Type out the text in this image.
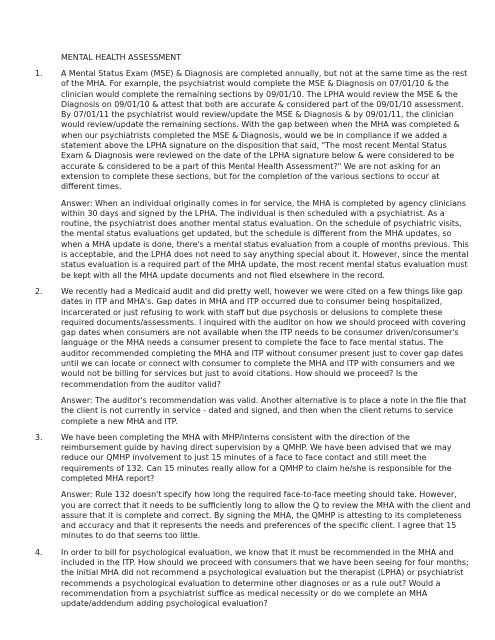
MENTAL HEALTH ASSESSMENT
1. A Mental Status Exam (MSE) & Diagnosis are completed annually, but not at the same time as the rest of the MHA. For example, the psychiatrist would complete the MSE & Diagnosis on 07/01/10 & the clinician would complete the remaining sections by 09/01/10. The LPHA would review the MSE & the Diagnosis on 09/01/10 & attest that both are accurate & considered part of the 09/01/10 assessment. By 07/01/11 the psychiatrist would review/update the MSE & Diagnosis & by 09/01/11, the clinician would review/update the remaining sections. With the gap between when the MHA was completed & when our psychiatrists completed the MSE & Diagnosis, would we be in compliance if we added a statement above the LPHA signature on the disposition that said, "The most recent Mental Status Exam & Diagnosis were reviewed on the date of the LPHA signature below & were considered to be accurate & considered to be a part of this Mental Health Assessment?" We are not asking for an extension to complete these sections, but for the completion of the various sections to occur at different times.

Answer: When an individual originally comes in for service, the MHA is completed by agency clinicians within 30 days and signed by the LPHA. The individual is then scheduled with a psychiatrist. As a routine, the psychiatrist does another mental status evaluation. On the schedule of psychiatric visits, the mental status evaluations get updated, but the schedule is different from the MHA updates, so when a MHA update is done, there's a mental status evaluation from a couple of months previous. This is acceptable, and the LPHA does not need to say anything special about it. However, since the mental status evaluation is a required part of the MHA update, the most recent mental status evaluation must be kept with all the MHA update documents and not filed elsewhere in the record.

2. We recently had a Medicaid audit and did pretty well, however we were cited on a few things like gap dates in ITP and MHA's. Gap dates in MHA and ITP occurred due to consumer being hospitalized, incarcerated or just refusing to work with staff but due psychosis or delusions to complete these required documents/assessments. I inquired with the auditor on how we should proceed with covering gap dates when consumers are not available when the ITP needs to be consumer driven/consumer's language or the MHA needs a consumer present to complete the face to face mental status. The auditor recommended completing the MHA and ITP without consumer present just to cover gap dates until we can locate or connect with consumer to complete the MHA and ITP with consumers and we would not be billing for services but just to avoid citations. How should we proceed? Is the recommendation from the auditor valid?

Answer: The auditor's recommendation was valid. Another alternative is to place a note in the file that the client is not currently in service - dated and signed, and then when the client returns to service complete a new MHA and ITP.

3. We have been completing the MHA with MHP/interns consistent with the direction of the reimbursement guide by having direct supervision by a QMHP. We have been advised that we may reduce our QMHP involvement to just 15 minutes of a face to face contact and still meet the requirements of 132. Can 15 minutes really allow for a QMHP to claim he/she is responsible for the completed MHA report?

Answer: Rule 132 doesn't specify how long the required face-to-face meeting should take. However, you are correct that it needs to be sufficiently long to allow the Q to review the MHA with the client and assure that it is complete and correct. By signing the MHA, the QMHP is attesting to its completeness and accuracy and that it represents the needs and preferences of the specific client. I agree that 15 minutes to do that seems too little.

4. In order to bill for psychological evaluation, we know that it must be recommended in the MHA and included in the ITP. How should we proceed with consumers that we have been seeing for four months; the initial MHA did not recommend a psychological evaluation but the therapist (LPHA) or psychiatrist recommends a psychological evaluation to determine other diagnoses or as a rule out? Would a recommendation from a psychiatrist suffice as medical necessity or do we complete an MHA update/addendum adding psychological evaluation?
